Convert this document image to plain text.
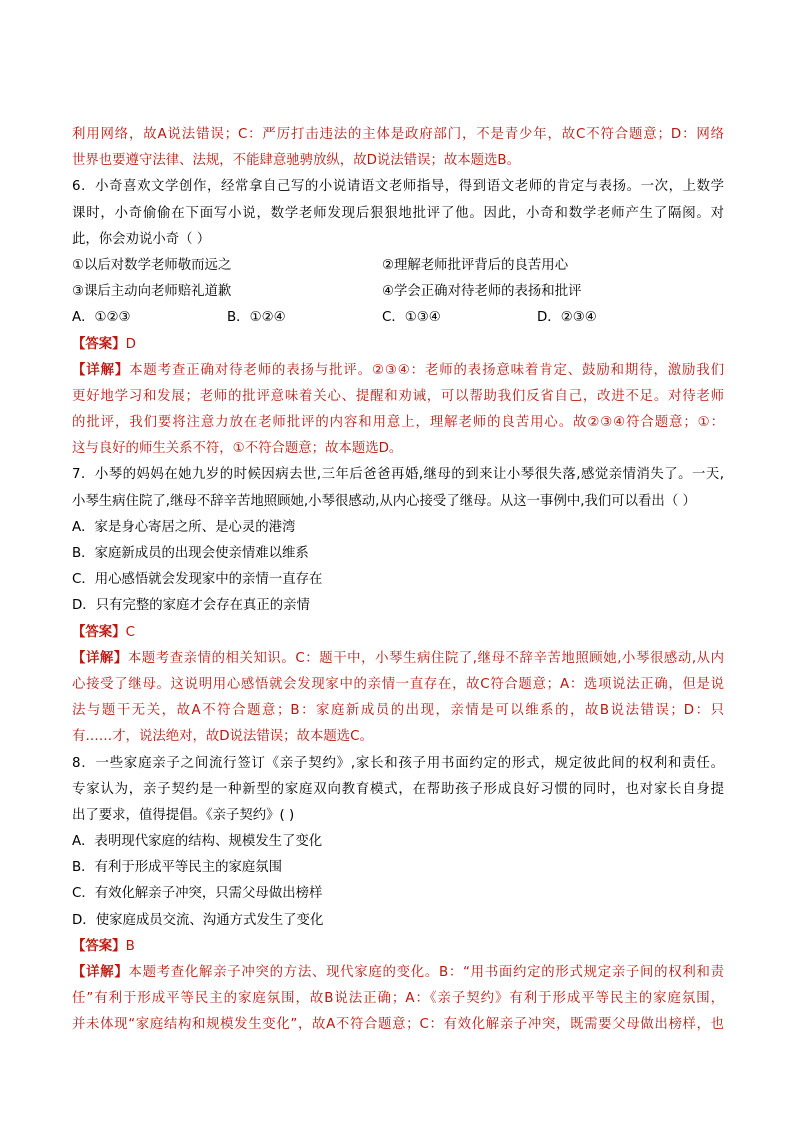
利用网络，故A说法错误；C：严厉打击违法的主体是政府部门，不是青少年，故C不符合题意；D：网络
世界也要遵守法律、法规，不能肆意驰骋放纵，故D说法错误；故本题选B。
6．小奇喜欢文学创作，经常拿自己写的小说请语文老师指导，得到语文老师的肯定与表扬。一次，上数学
课时，小奇偷偷在下面写小说，数学老师发现后狠狠地批评了他。因此，小奇和数学老师产生了隔阂。对
此，你会劝说小奇（ ）
①以后对数学老师敬而远之	②理解老师批评背后的良苦用心
③课后主动向老师赔礼道歉	④学会正确对待老师的表扬和批评
A．①②③	B．①②④	C．①③④	D．②③④
【答案】D
【详解】本题考查正确对待老师的表扬与批评。②③④：老师的表扬意味着肯定、鼓励和期待，激励我们
更好地学习和发展；老师的批评意味着关心、提醒和劝诫，可以帮助我们反省自己，改进不足。对待老师
的批评，我们要将注意力放在老师批评的内容和用意上，理解老师的良苦用心。故②③④符合题意；①：
这与良好的师生关系不符，①不符合题意；故本题选D。
7．小琴的妈妈在她九岁的时候因病去世,三年后爸爸再婚,继母的到来让小琴很失落,感觉亲情消失了。一天,
小琴生病住院了,继母不辞辛苦地照顾她,小琴很感动,从内心接受了继母。从这一事例中,我们可以看出（ ）
A．家是身心寄居之所、是心灵的港湾
B．家庭新成员的出现会使亲情难以维系
C．用心感悟就会发现家中的亲情一直存在
D．只有完整的家庭才会存在真正的亲情
【答案】C
【详解】本题考查亲情的相关知识。C：题干中，小琴生病住院了,继母不辞辛苦地照顾她,小琴很感动,从内
心接受了继母。这说明用心感悟就会发现家中的亲情一直存在，故C符合题意；A：选项说法正确，但是说
法与题干无关，故A不符合题意；B：家庭新成员的出现，亲情是可以维系的，故B说法错误；D：只
有……才，说法绝对，故D说法错误；故本题选C。
8．一些家庭亲子之间流行签订《亲子契约》,家长和孩子用书面约定的形式，规定彼此间的权利和责任。
专家认为，亲子契约是一种新型的家庭双向教育模式，在帮助孩子形成良好习惯的同时，也对家长自身提
出了要求，值得提倡。《亲子契约》( )
A．表明现代家庭的结构、规模发生了变化
B．有利于形成平等民主的家庭氛围
C．有效化解亲子冲突，只需父母做出榜样
D．使家庭成员交流、沟通方式发生了变化
【答案】B
【详解】本题考查化解亲子冲突的方法、现代家庭的变化。B：“用书面约定的形式规定亲子间的权利和责
任”有利于形成平等民主的家庭氛围，故B说法正确；A：《亲子契约》有利于形成平等民主的家庭氛围，
并未体现“家庭结构和规模发生变化”，故A不符合题意；C：有效化解亲子冲突，既需要父母做出榜样，也
